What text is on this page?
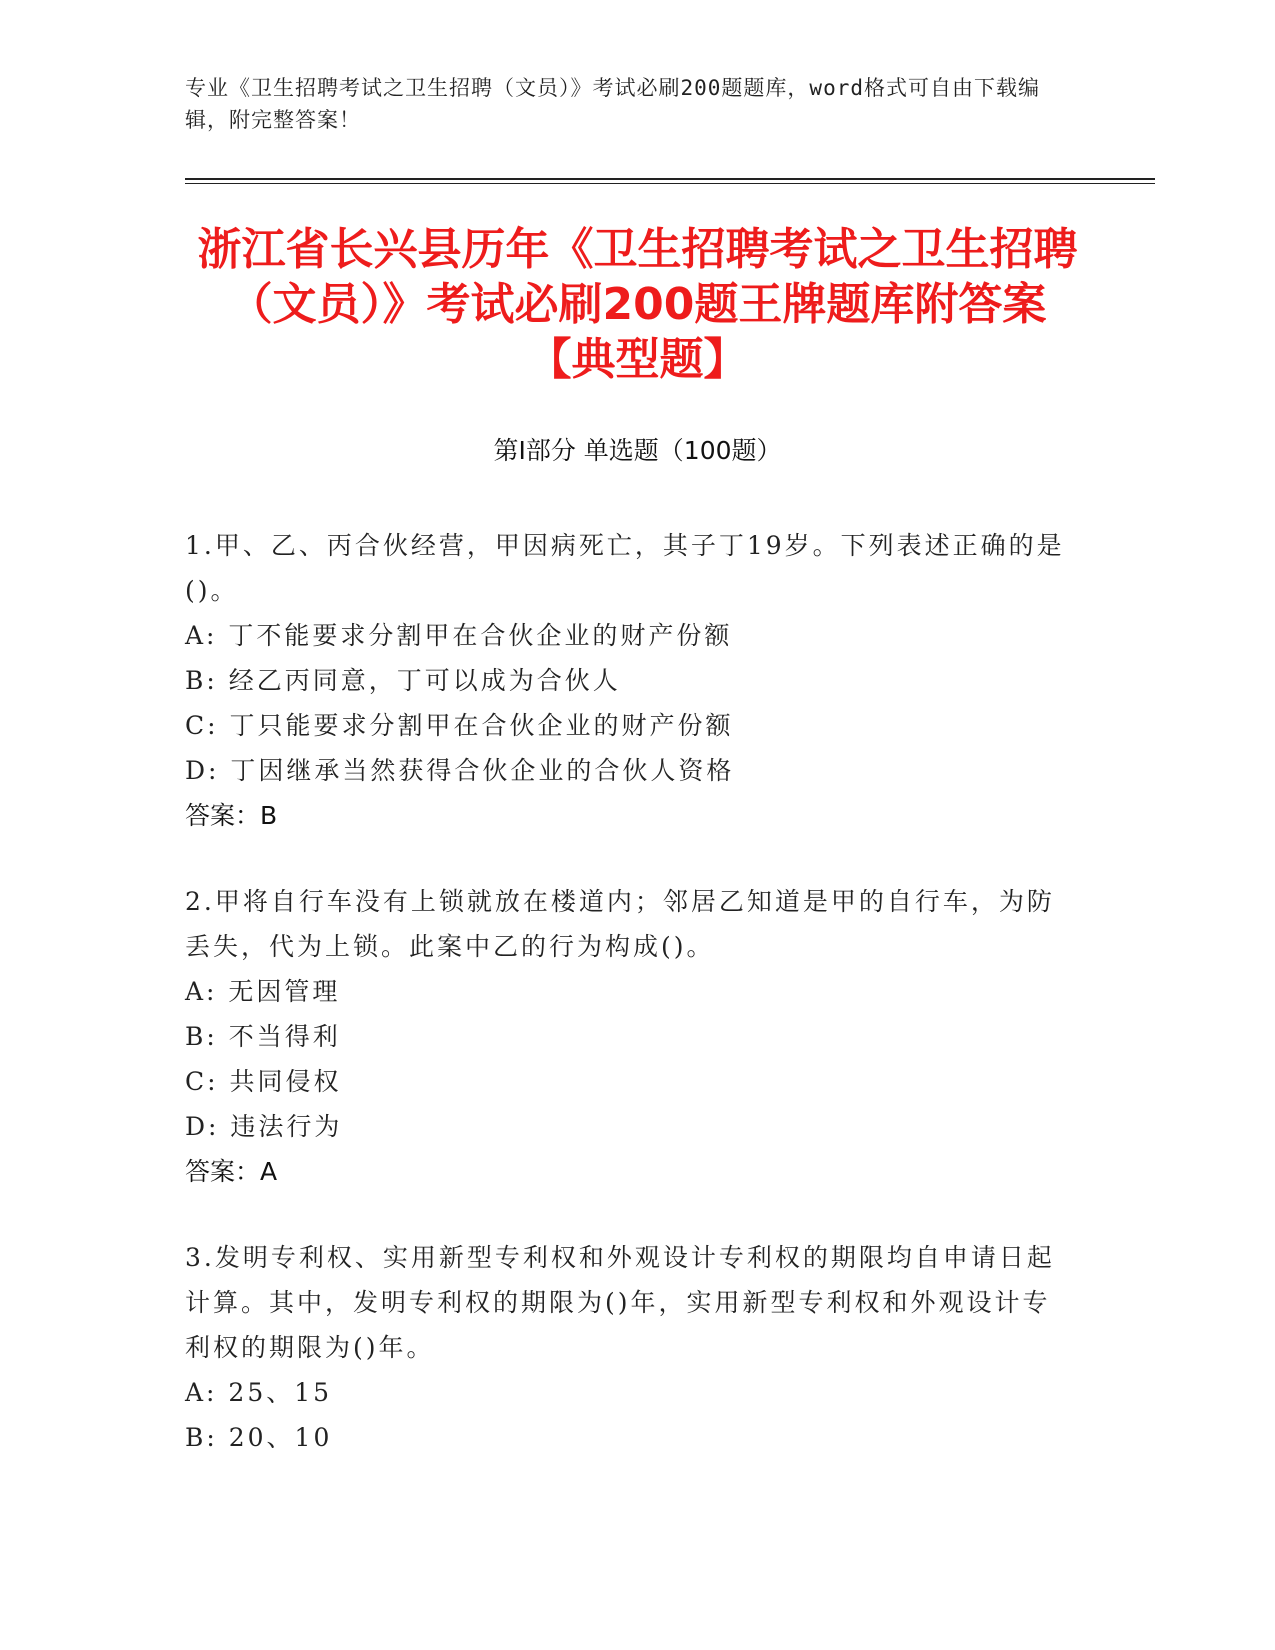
专业《卫生招聘考试之卫生招聘（文员）》考试必刷200题题库，word格式可自由下载编辑，附完整答案！
浙江省长兴县历年《卫生招聘考试之卫生招聘（文员）》考试必刷200题王牌题库附答案【典型题】
第Ⅰ部分 单选题（100题）
1.甲、乙、丙合伙经营，甲因病死亡，其子丁19岁。下列表述正确的是()。
A: 丁不能要求分割甲在合伙企业的财产份额
B: 经乙丙同意，丁可以成为合伙人
C: 丁只能要求分割甲在合伙企业的财产份额
D: 丁因继承当然获得合伙企业的合伙人资格
答案：B
2.甲将自行车没有上锁就放在楼道内；邻居乙知道是甲的自行车，为防丢失，代为上锁。此案中乙的行为构成()。
A: 无因管理
B: 不当得利
C: 共同侵权
D: 违法行为
答案：A
3.发明专利权、实用新型专利权和外观设计专利权的期限均自申请日起计算。其中，发明专利权的期限为()年，实用新型专利权和外观设计专利权的期限为()年。
A: 25、15
B: 20、10
